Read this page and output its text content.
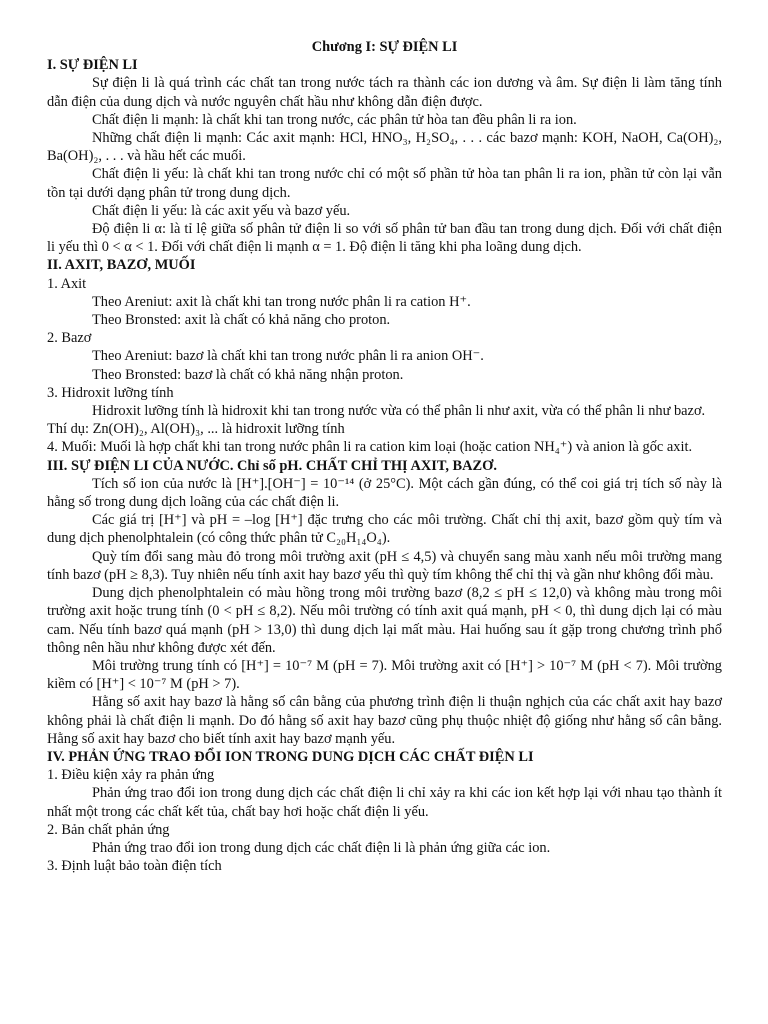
Chương I: SỰ ĐIỆN LI

I. SỰ ĐIỆN LI

Sự điện li là quá trình các chất tan trong nước tách ra thành các ion dương và âm. Sự điện li làm tăng tính dẫn điện của dung dịch và nước nguyên chất hầu như không dẫn điện được.

Chất điện li mạnh: là chất khi tan trong nước, các phân tử hòa tan đều phân li ra ion.

Những chất điện li mạnh: Các axit mạnh: HCl, HNO₃, H₂SO₄, . . . các bazơ mạnh: KOH, NaOH, Ca(OH)₂, Ba(OH)₂, . . . và hầu hết các muối.

Chất điện li yếu: là chất khi tan trong nước chỉ có một số phần tử hòa tan phân li ra ion, phần tử còn lại vẫn tồn tại dưới dạng phân tử trong dung dịch.

Chất điện li yếu: là các axit yếu và bazơ yếu.

Độ điện li α: là tỉ lệ giữa số phân tử điện li so với số phân tử ban đầu tan trong dung dịch. Đối với chất điện li yếu thì 0 < α < 1. Đối với chất điện li mạnh α = 1. Độ điện li tăng khi pha loãng dung dịch.

II. AXIT, BAZƠ, MUỐI

1. Axit

Theo Areniut: axit là chất khi tan trong nước phân li ra cation H⁺.

Theo Bronsted: axit là chất có khả năng cho proton.

2. Bazơ

Theo Areniut: bazơ là chất khi tan trong nước phân li ra anion OH⁻.

Theo Bronsted: bazơ là chất có khả năng nhận proton.

3. Hidroxit lưỡng tính

Hidroxit lưỡng tính là hidroxit khi tan trong nước vừa có thể phân li như axit, vừa có thể phân li như bazơ.

Thí dụ: Zn(OH)₂, Al(OH)₃, ... là hidroxit lưỡng tính

4. Muối: Muối là hợp chất khi tan trong nước phân li ra cation kim loại (hoặc cation NH₄⁺) và anion là gốc axit.

III. SỰ ĐIỆN LI CỦA NƯỚC. Chỉ số pH. CHẤT CHỈ THỊ AXIT, BAZƠ.

Tích số ion của nước là [H⁺].[OH⁻] = 10⁻¹⁴ (ở 25°C). Một cách gần đúng, có thể coi giá trị tích số này là hằng số trong dung dịch loãng của các chất điện li.

Các giá trị [H⁺] và pH = –log [H⁺] đặc trưng cho các môi trường. Chất chỉ thị axit, bazơ gồm quỳ tím và dung dịch phenolphtalein (có công thức phân tử C₂₀H₁₄O₄).

Quỳ tím đổi sang màu đỏ trong môi trường axit (pH ≤ 4,5) và chuyển sang màu xanh nếu môi trường mang tính bazơ (pH ≥ 8,3). Tuy nhiên nếu tính axit hay bazơ yếu thì quỳ tím không thể chỉ thị và gần như không đổi màu.

Dung dịch phenolphtalein có màu hồng trong môi trường bazơ (8,2 ≤ pH ≤ 12,0) và không màu trong môi trường axit hoặc trung tính (0 < pH ≤ 8,2). Nếu môi trường có tính axit quá mạnh, pH < 0, thì dung dịch lại có màu cam. Nếu tính bazơ quá mạnh (pH > 13,0) thì dung dịch lại mất màu. Hai huống sau ít gặp trong chương trình phổ thông nên hầu như không được xét đến.

Môi trường trung tính có [H⁺] = 10⁻⁷ M (pH = 7). Môi trường axit có [H⁺] > 10⁻⁷ M (pH < 7). Môi trường kiềm có [H⁺] < 10⁻⁷ M (pH > 7).

Hằng số axit hay bazơ là hằng số cân bằng của phương trình điện li thuận nghịch của các chất axit hay bazơ không phải là chất điện li mạnh. Do đó hằng số axit hay bazơ cũng phụ thuộc nhiệt độ giống như hằng số cân bằng. Hằng số axit hay bazơ cho biết tính axit hay bazơ mạnh yếu.

IV. PHẢN ỨNG TRAO ĐỔI ION TRONG DUNG DỊCH CÁC CHẤT ĐIỆN LI

1. Điều kiện xảy ra phản ứng

Phản ứng trao đổi ion trong dung dịch các chất điện li chỉ xảy ra khi các ion kết hợp lại với nhau tạo thành ít nhất một trong các chất kết tủa, chất bay hơi hoặc chất điện li yếu.

2. Bản chất phản ứng

Phản ứng trao đổi ion trong dung dịch các chất điện li là phản ứng giữa các ion.

3. Định luật bảo toàn điện tích
